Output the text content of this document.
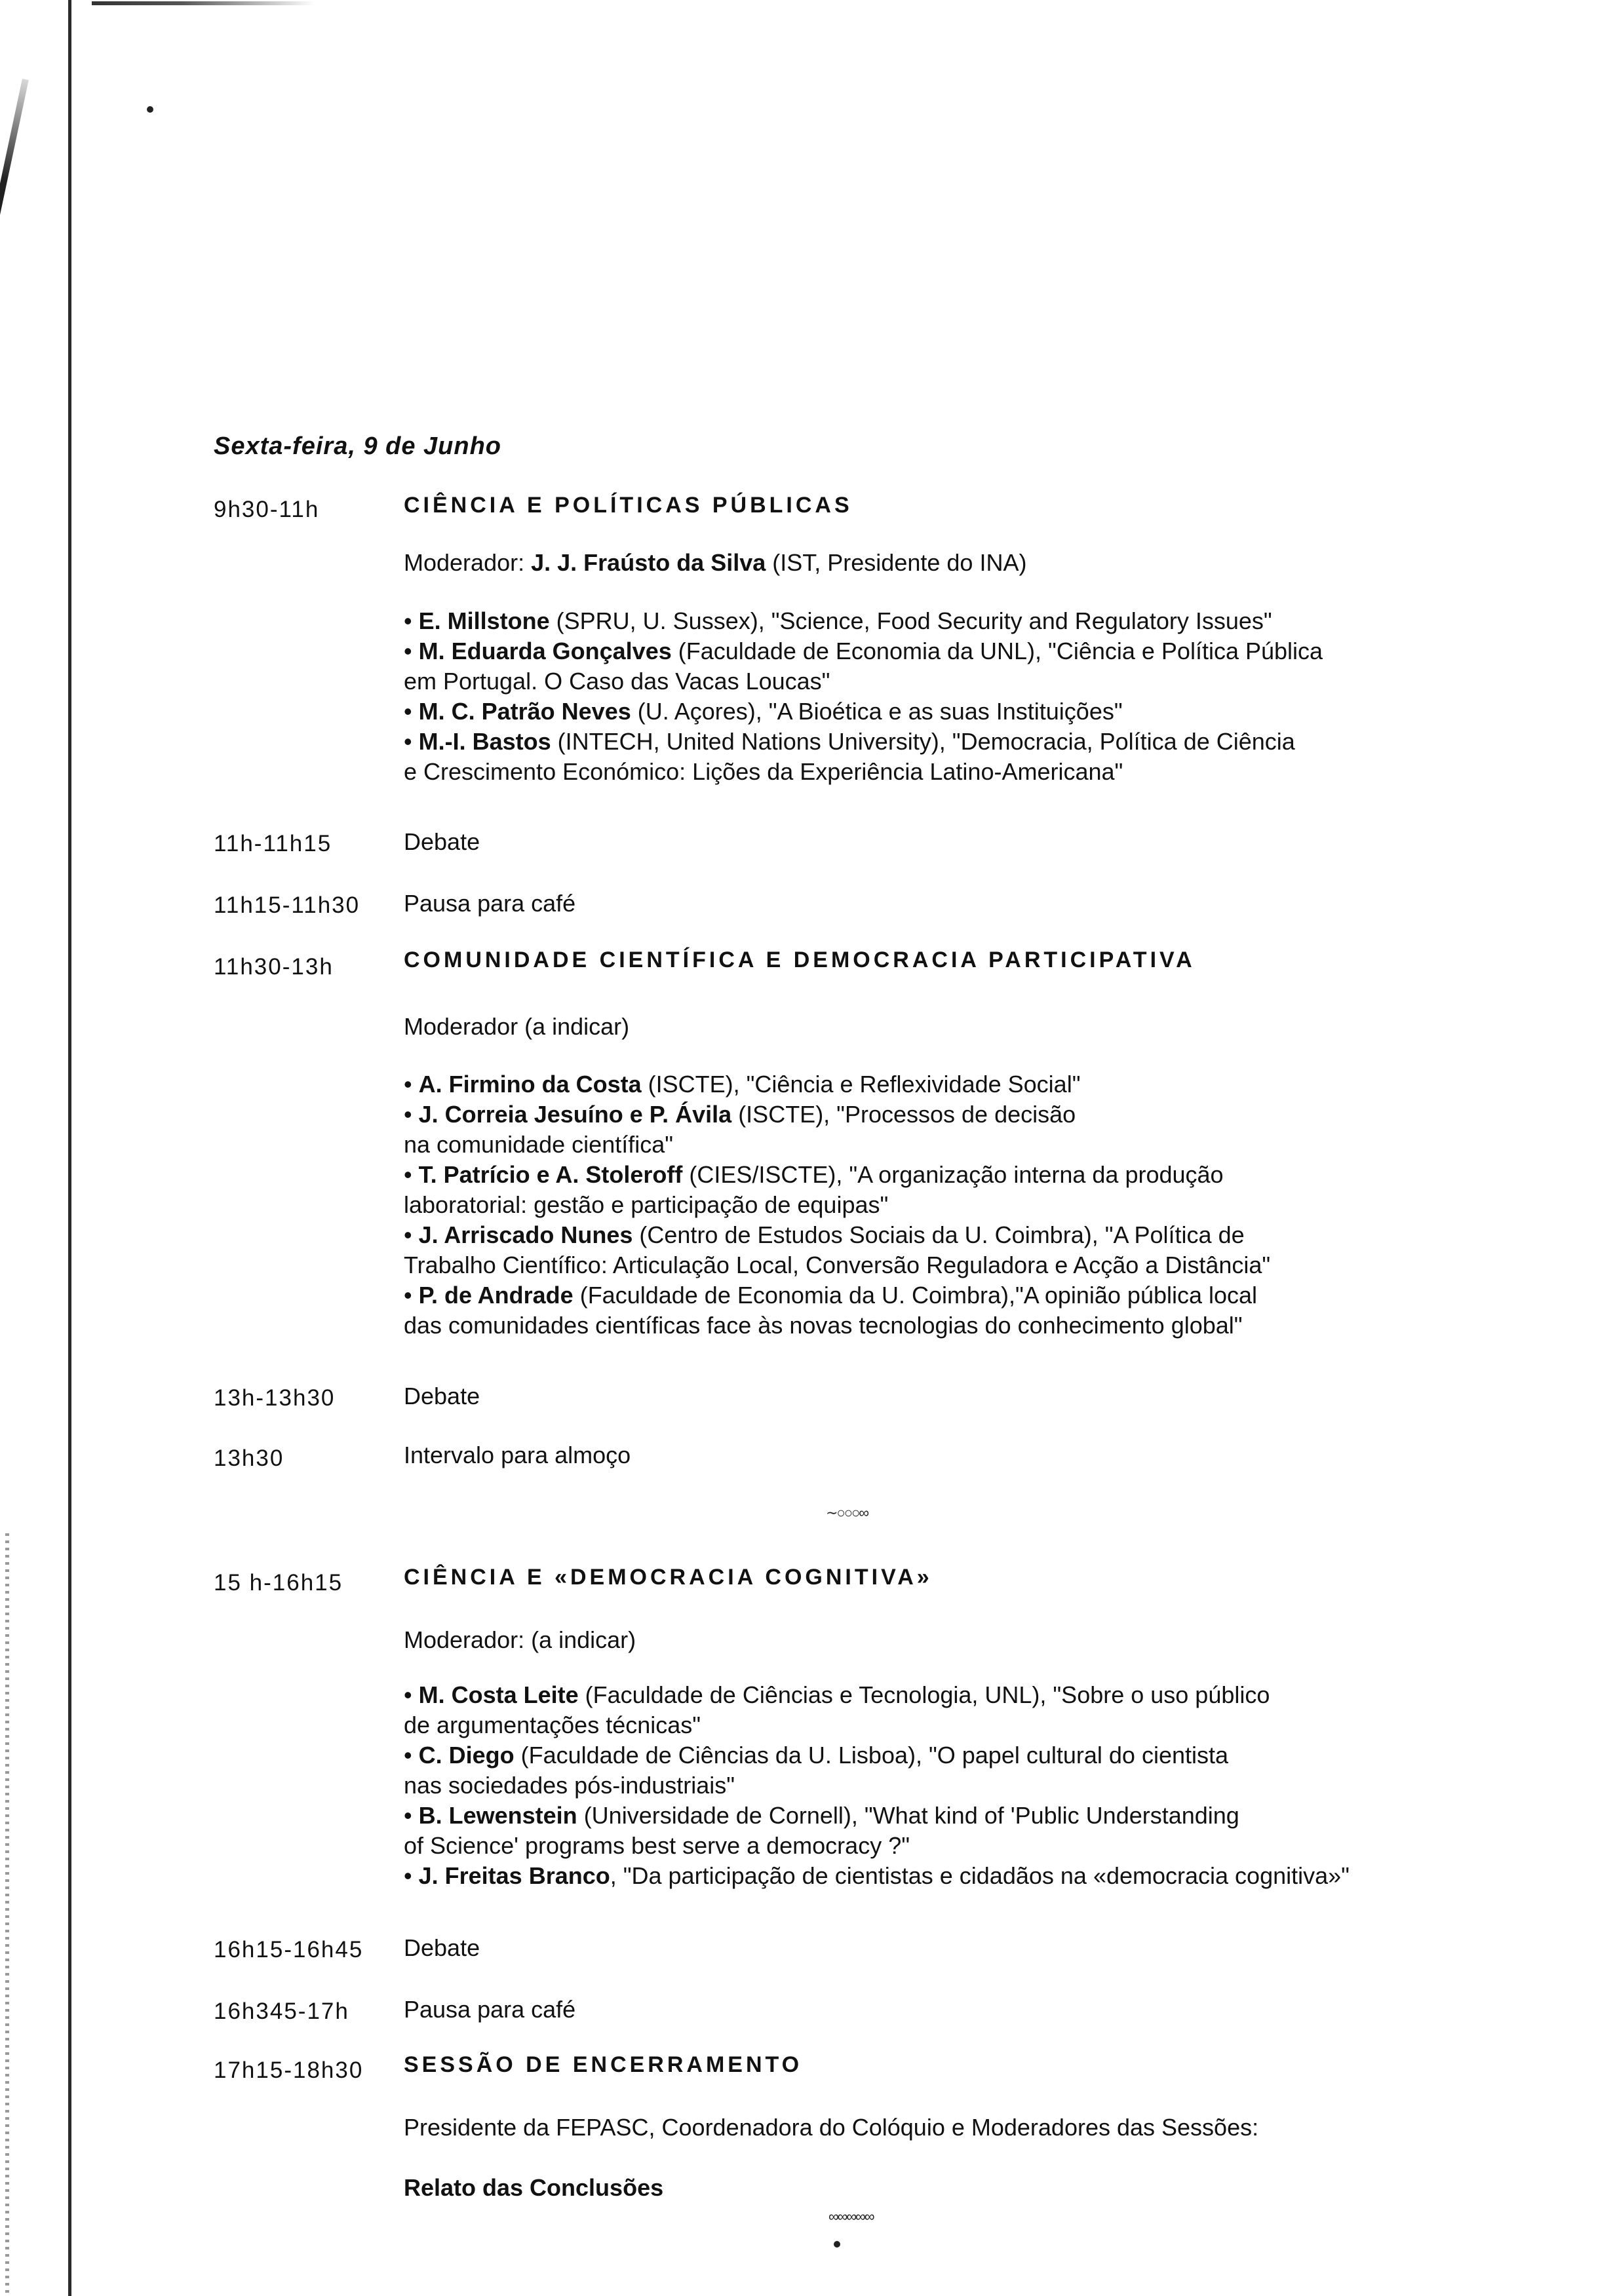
Sexta-feira, 9 de Junho
9h30-11h	CIÊNCIA E POLÍTICAS PÚBLICAS
Moderador: J. J. Fraústo da Silva (IST, Presidente do INA)

• E. Millstone (SPRU, U. Sussex), "Science, Food Security and Regulatory Issues"

• M. Eduarda Gonçalves (Faculdade de Economia da UNL), "Ciência e Política Pública
em Portugal. O Caso das Vacas Loucas"

• M. C. Patrão Neves (U. Açores), "A Bioética e as suas Instituições"

• M.-I. Bastos (INTECH, United Nations University), "Democracia, Política de Ciência
e Crescimento Económico: Lições da Experiência Latino-Americana"

11h-11h15	Debate
11h15-11h30 Pausa para café
11h30-13h	COMUNIDADE CIENTÍFICA E DEMOCRACIA PARTICIPATIVA
Moderador (a indicar)

• A. Firmino da Costa (ISCTE), "Ciência e Reflexividade Social"

• J. Correia Jesuíno e P. Ávila (ISCTE), "Processos de decisão
na comunidade científica"

• T. Patrício e A. Stoleroff (CIES/ISCTE), "A organização interna da produção
laboratorial: gestão e participação de equipas"

• J. Arriscado Nunes (Centro de Estudos Sociais da U. Coimbra), "A Política de
Trabalho Científico: Articulação Local, Conversão Reguladora e Acção a Distância"

• P. de Andrade (Faculdade de Economia da U. Coimbra),"A opinião pública local
das comunidades científicas face às novas tecnologias do conhecimento global"

13h-13h30	Debate
13h30	Intervalo para almoço
∼○○○∞
15 h-16h15	CIÊNCIA E «DEMOCRACIA COGNITIVA»
Moderador: (a indicar)

• M. Costa Leite (Faculdade de Ciências e Tecnologia, UNL), "Sobre o uso público
de argumentações técnicas"

• C. Diego (Faculdade de Ciências da U. Lisboa), "O papel cultural do cientista
nas sociedades pós-industriais"

• B. Lewenstein (Universidade de Cornell), "What kind of 'Public Understanding
of Science' programs best serve a democracy ?"

• J. Freitas Branco, "Da participação de cientistas e cidadãos na «democracia cognitiva»"

16h15-16h45 Debate
16h345-17h Pausa para café
17h15-18h30 SESSÃO DE ENCERRAMENTO
Presidente da FEPASC, Coordenadora do Colóquio e Moderadores das Sessões:
Relato das Conclusões
∞∞∞∞∞
